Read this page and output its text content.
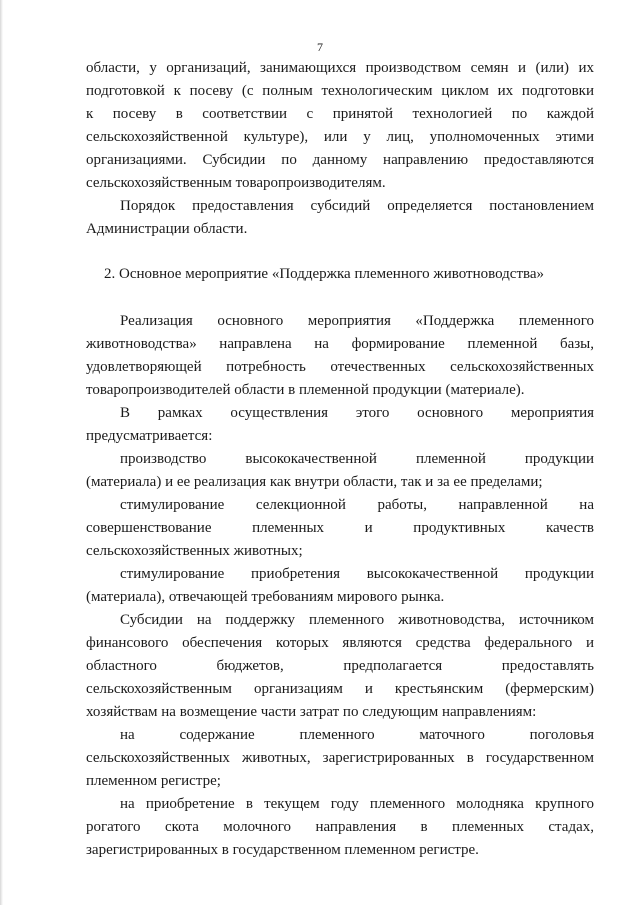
7
области, у организаций, занимающихся производством семян и (или) их
подготовкой к посеву (с полным технологическим циклом их подготовки
к посеву в соответствии с принятой технологией по каждой
сельскохозяйственной культуре), или у лиц, уполномоченных этими
организациями. Субсидии по данному направлению предоставляются
сельскохозяйственным товаропроизводителям.
Порядок предоставления субсидий определяется постановлением
Администрации области.
2. Основное мероприятие «Поддержка племенного животноводства»
Реализация основного мероприятия «Поддержка племенного
животноводства» направлена на формирование племенной базы,
удовлетворяющей потребность отечественных сельскохозяйственных
товаропроизводителей области в племенной продукции (материале).
В рамках осуществления этого основного мероприятия
предусматривается:
производство высококачественной племенной продукции
(материала) и ее реализация как внутри области, так и за ее пределами;
стимулирование селекционной работы, направленной на
совершенствование племенных и продуктивных качеств
сельскохозяйственных животных;
стимулирование приобретения высококачественной продукции
(материала), отвечающей требованиям мирового рынка.
Субсидии на поддержку племенного животноводства, источником
финансового обеспечения которых являются средства федерального и
областного бюджетов, предполагается предоставлять
сельскохозяйственным организациям и крестьянским (фермерским)
хозяйствам на возмещение части затрат по следующим направлениям:
на содержание племенного маточного поголовья
сельскохозяйственных животных, зарегистрированных в государственном
племенном регистре;
на приобретение в текущем году племенного молодняка крупного
рогатого скота молочного направления в племенных стадах,
зарегистрированных в государственном племенном регистре.
